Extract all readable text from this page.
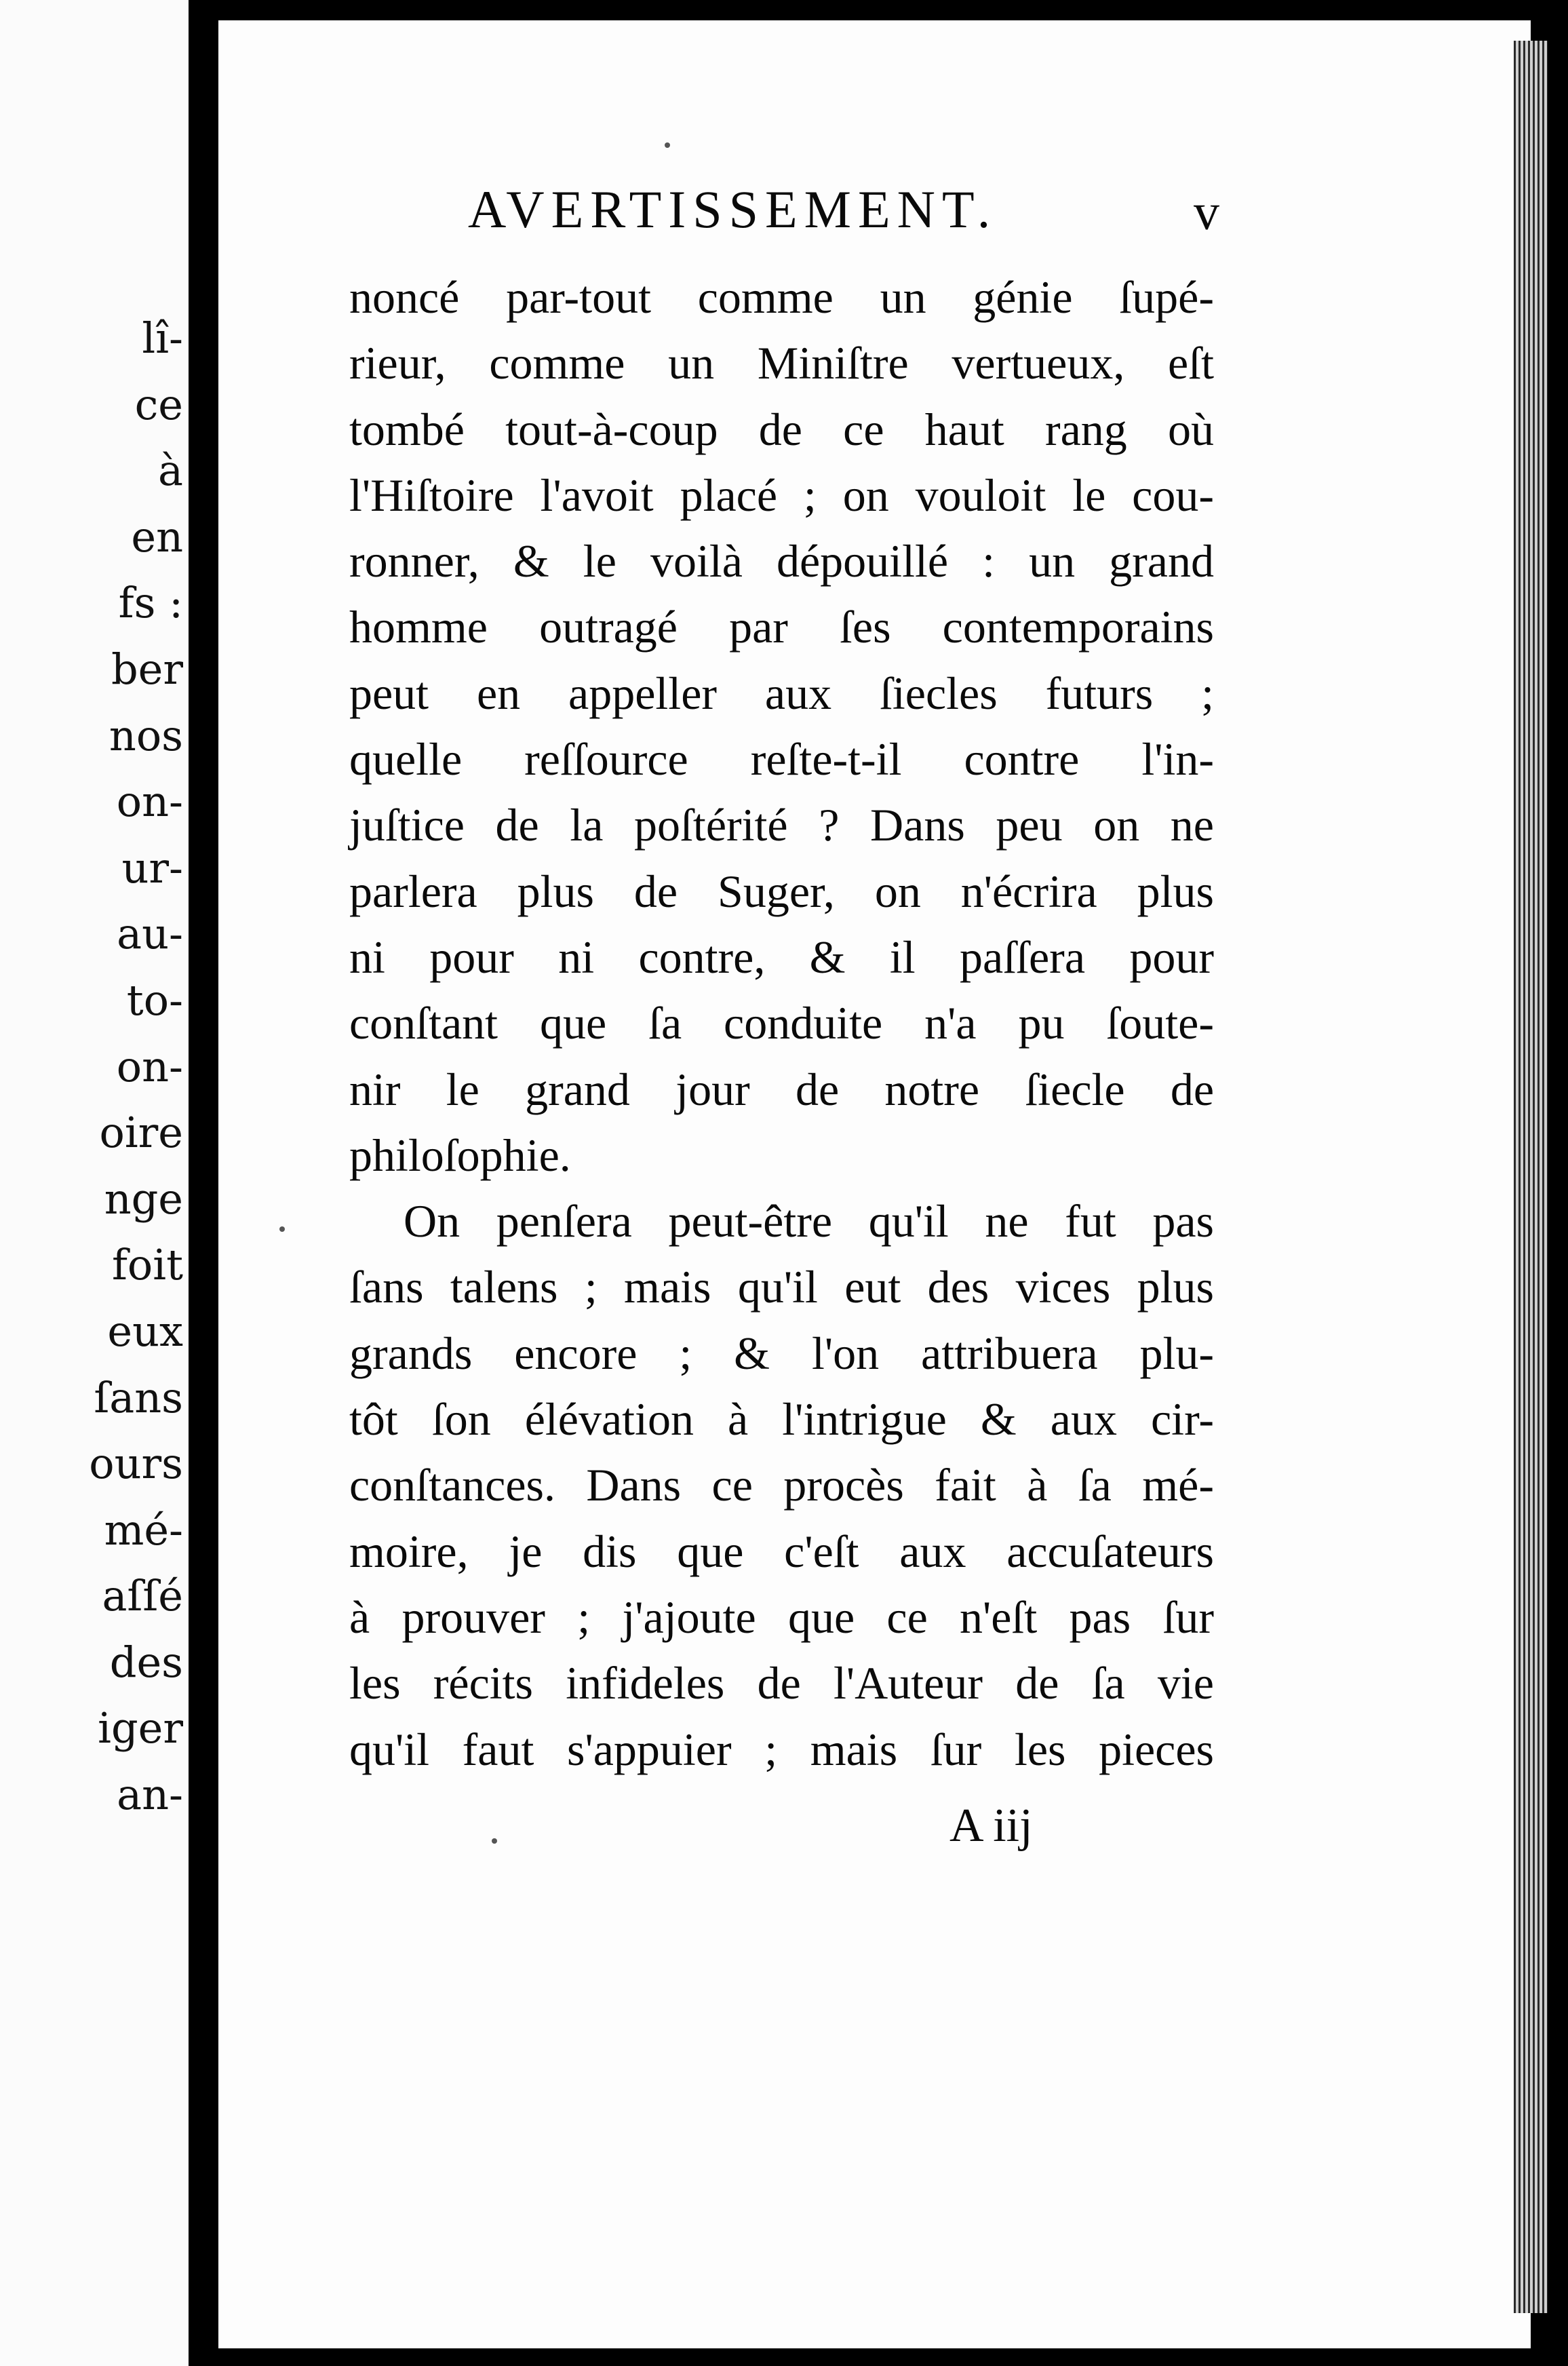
lî-
ce
à
en
fs :
ber
nos
on-
ur-
au-
to-
on-
oire
nge
foit
eux
ſans
ours
mé-
aſſé
des
iger
an-
AVERTISSEMENT.	v
noncé par-tout comme un génie ſupé-
rieur, comme un Miniſtre vertueux, eſt
tombé tout-à-coup de ce haut rang où
l'Hiſtoire l'avoit placé ; on vouloit le cou-
ronner, & le voilà dépouillé : un grand
homme outragé par ſes contemporains
peut en appeller aux ſiecles futurs ;
quelle reſſource reſte-t-il contre l'in-
juſtice de la poſtérité ? Dans peu on ne
parlera plus de Suger, on n'écrira plus
ni pour ni contre, & il paſſera pour
conſtant que ſa conduite n'a pu ſoute-
nir le grand jour de notre ſiecle de
philoſophie.
On penſera peut-être qu'il ne fut pas
ſans talens ; mais qu'il eut des vices plus
grands encore ; & l'on attribuera plu-
tôt ſon élévation à l'intrigue & aux cir-
conſtances. Dans ce procès fait à ſa mé-
moire, je dis que c'eſt aux accuſateurs
à prouver ; j'ajoute que ce n'eſt pas ſur
les récits infideles de l'Auteur de ſa vie
qu'il faut s'appuier ; mais ſur les pieces
A iij
